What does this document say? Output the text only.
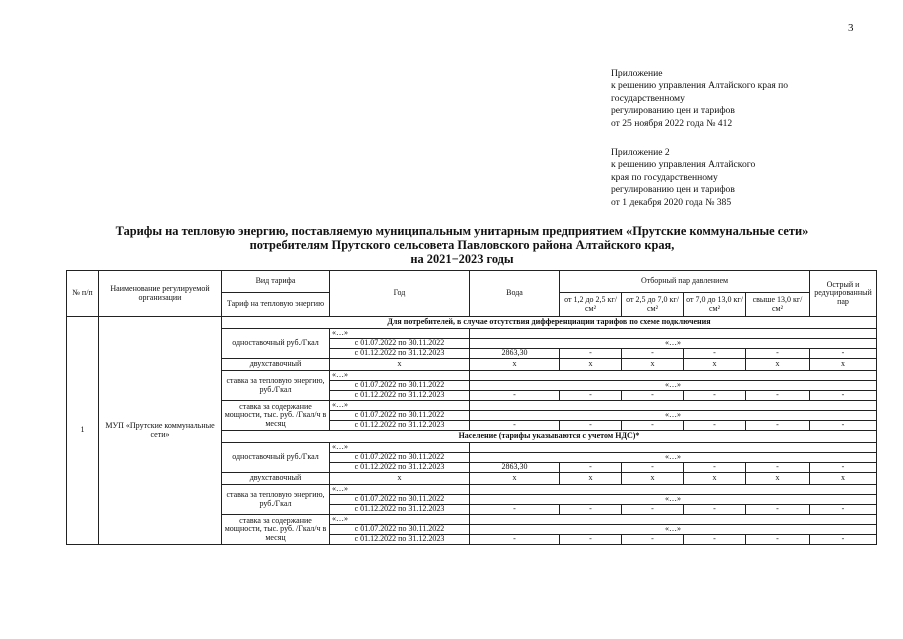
3
Приложение
к решению управления Алтайского края по
государственному
регулированию цен и тарифов
от 25 ноября 2022 года № 412
Приложение 2
к решению управления Алтайского
края по государственному
регулированию цен и тарифов
от 1 декабря 2020 года № 385
Тарифы на тепловую энергию, поставляемую муниципальным унитарным предприятием «Прутские коммунальные сети»
потребителям Прутского сельсовета Павловского района Алтайского края,
на 2021−2023 годы
№ п/п	Наименование регулируемой организации	Вид тарифа	Год	Вода	Отборный пар давлением				Острый и редуцированный пар
		Тариф на тепловую энергию			от 1,2 до 2,5 кг/см²	от 2,5 до 7,0 кг/см²	от 7,0 до 13,0 кг/см²	свыше 13,0 кг/см²	
1	МУП «Прутские коммунальные сети»	Для потребителей, в случае отсутствия дифференциации тарифов по схеме подключения							
		одноставочный руб./Гкал	«…»						
			с 01.07.2022 по 30.11.2022	«…»					
			с 01.12.2022 по 31.12.2023	2863,30	-	-	-	-	-
		двухставочный	х	х	х	х	х	х	х
		ставка за тепловую энергию, руб./Гкал	«…»						
			с 01.07.2022 по 30.11.2022	«…»					
			с 01.12.2022 по 31.12.2023	-	-	-	-	-	-
		ставка за содержание мощности, тыс. руб. /Гкал/ч в месяц	«…»						
			с 01.07.2022 по 30.11.2022	«…»					
			с 01.12.2022 по 31.12.2023	-	-	-	-	-	-
		Население (тарифы указываются с учетом НДС)*							
		одноставочный руб./Гкал	«…»						
			с 01.07.2022 по 30.11.2022	«…»					
			с 01.12.2022 по 31.12.2023	2863,30	-	-	-	-	-
		двухставочный	х	х	х	х	х	х	х
		ставка за тепловую энергию, руб./Гкал	«…»						
			с 01.07.2022 по 30.11.2022	«…»					
			с 01.12.2022 по 31.12.2023	-	-	-	-	-	-
		ставка за содержание мощности, тыс. руб. /Гкал/ч в месяц	«…»						
			с 01.07.2022 по 30.11.2022	«…»					
			с 01.12.2022 по 31.12.2023	-	-	-	-	-	-
